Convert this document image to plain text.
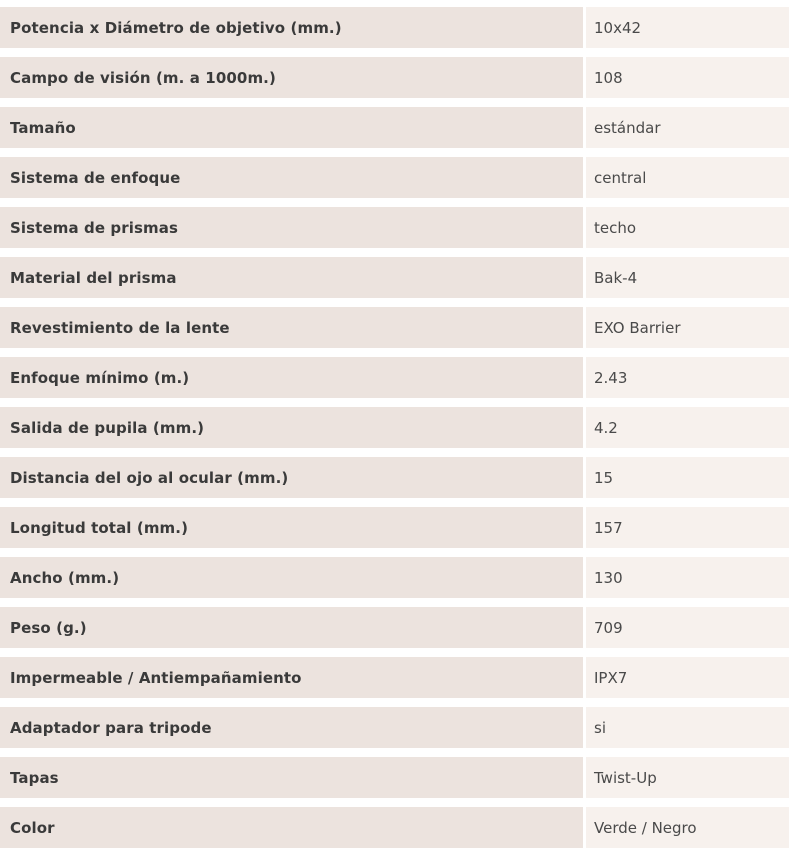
Potencia x Diámetro de objetivo (mm.)	10x42
Campo de visión (m. a 1000m.)	108
Tamaño	estándar
Sistema de enfoque	central
Sistema de prismas	techo
Material del prisma	Bak-4
Revestimiento de la lente	EXO Barrier
Enfoque mínimo (m.)	2.43
Salida de pupila (mm.)	4.2
Distancia del ojo al ocular (mm.)	15
Longitud total (mm.)	157
Ancho (mm.)	130
Peso (g.)	709
Impermeable / Antiempañamiento	IPX7
Adaptador para tripode	si
Tapas	Twist-Up
Color	Verde / Negro
